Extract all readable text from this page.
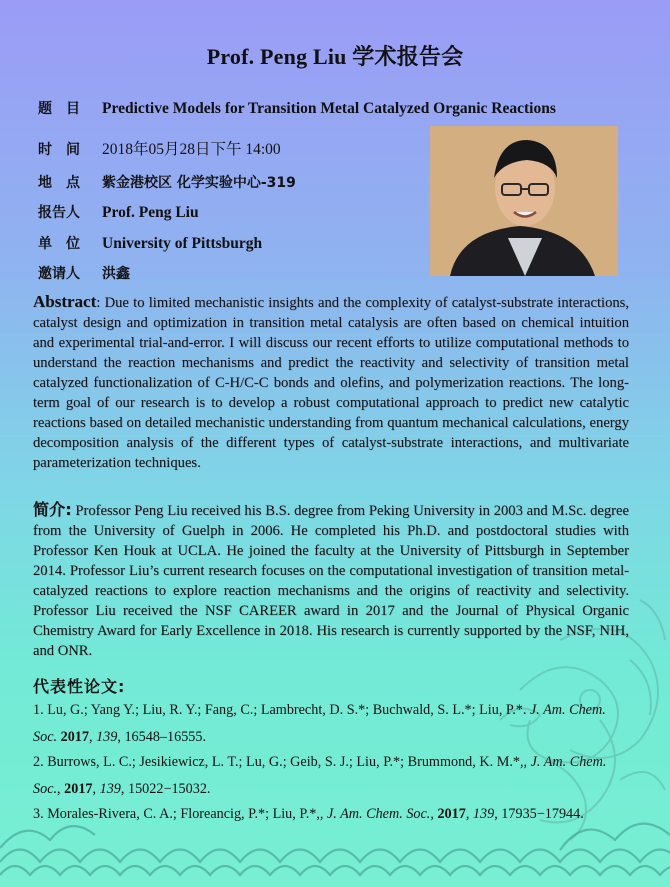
Prof. Peng Liu 学术报告会
题　目 Predictive Models for Transition Metal Catalyzed Organic Reactions
时　间 2018年05月28日下午 14:00
地　点 紫金港校区 化学实验中心-319
报告人 Prof. Peng Liu
单　位 University of Pittsburgh
邀请人 洪鑫
Abstract: Due to limited mechanistic insights and the complexity of catalyst-substrate interactions, catalyst design and optimization in transition metal catalysis are often based on chemical intuition and experimental trial-and-error. I will discuss our recent efforts to utilize computational methods to understand the reaction mechanisms and predict the reactivity and selectivity of transition metal catalyzed functionalization of C-H/C-C bonds and olefins, and polymerization reactions. The long-term goal of our research is to develop a robust computational approach to predict new catalytic reactions based on detailed mechanistic understanding from quantum mechanical calculations, energy decomposition analysis of the different types of catalyst-substrate interactions, and multivariate parameterization techniques.
简介: Professor Peng Liu received his B.S. degree from Peking University in 2003 and M.Sc. degree from the University of Guelph in 2006. He completed his Ph.D. and postdoctoral studies with Professor Ken Houk at UCLA. He joined the faculty at the University of Pittsburgh in September 2014. Professor Liu’s current research focuses on the computational investigation of transition metal-catalyzed reactions to explore reaction mechanisms and the origins of reactivity and selectivity. Professor Liu received the NSF CAREER award in 2017 and the Journal of Physical Organic Chemistry Award for Early Excellence in 2018. His research is currently supported by the NSF, NIH, and ONR.
代表性论文:
1. Lu, G.; Yang Y.; Liu, R. Y.; Fang, C.; Lambrecht, D. S.*; Buchwald, S. L.*; Liu, P.*. J. Am. Chem. Soc. 2017, 139, 16548–16555.
2. Burrows, L. C.; Jesikiewicz, L. T.; Lu, G.; Geib, S. J.; Liu, P.*; Brummond, K. M.*,, J. Am. Chem. Soc., 2017, 139, 15022−15032.
3. Morales-Rivera, C. A.; Floreancig, P.*; Liu, P.*,, J. Am. Chem. Soc., 2017, 139, 17935−17944.
